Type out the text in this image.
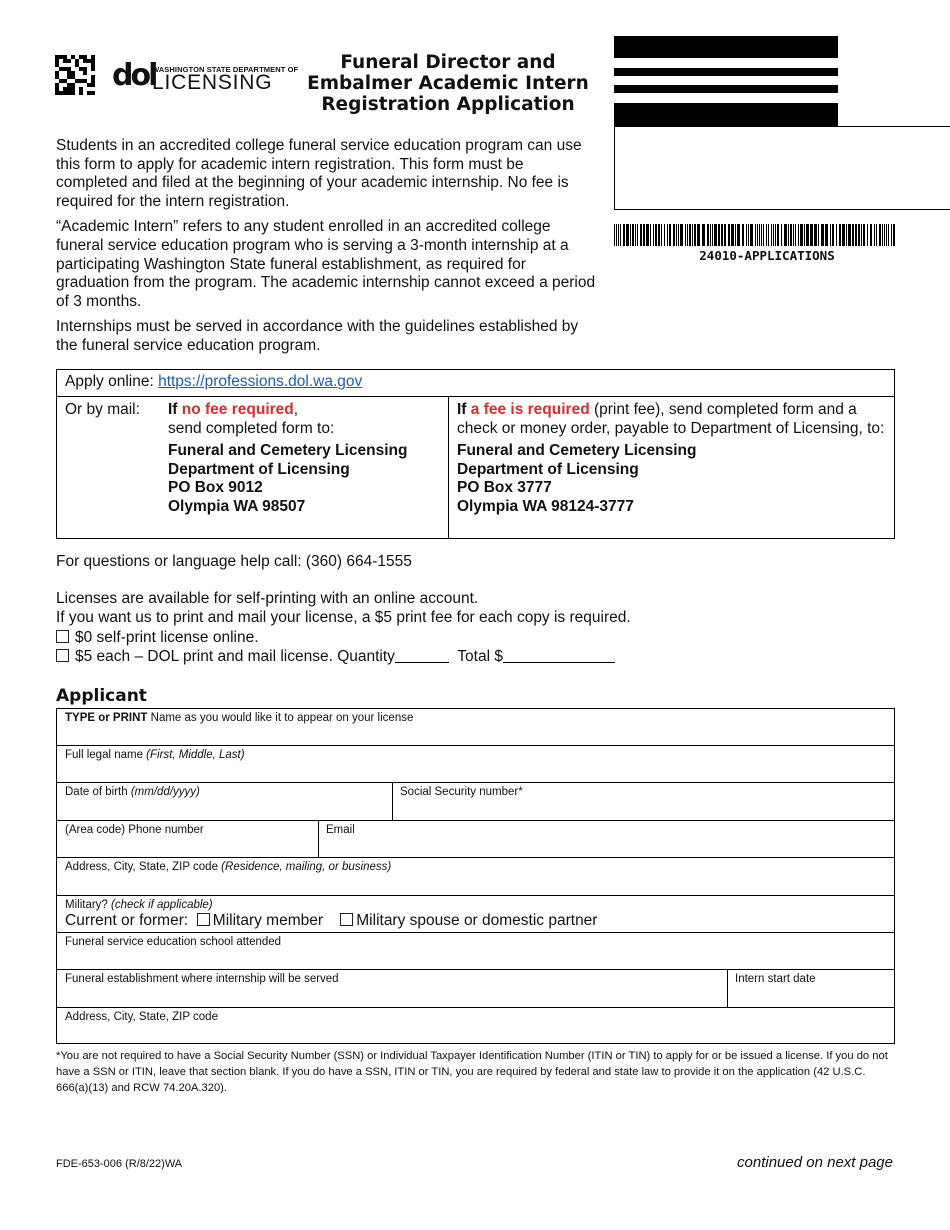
dol
WASHINGTON STATE DEPARTMENT OF
LICENSING
Funeral Director and
Embalmer Academic Intern
Registration Application
24010-APPLICATIONS

Students in an accredited college funeral service education program can use this form to apply for academic intern registration. This form must be completed and filed at the beginning of your academic internship. No fee is required for the intern registration.

“Academic Intern” refers to any student enrolled in an accredited college funeral service education program who is serving a 3-month internship at a participating Washington State funeral establishment, as required for graduation from the program. The academic internship cannot exceed a period of 3 months.

Internships must be served in accordance with the guidelines established by the funeral service education program.

Apply online: https://professions.dol.wa.gov
Or by mail: If no fee required,
send completed form to:
Funeral and Cemetery Licensing
Department of Licensing
PO Box 9012
Olympia WA 98507
If a fee is required (print fee), send completed form and a check or money order, payable to Department of Licensing, to:
Funeral and Cemetery Licensing
Department of Licensing
PO Box 3777
Olympia WA 98124-3777
For questions or language help call: (360) 664-1555
Licenses are available for self-printing with an online account.
If you want us to print and mail your license, a $5 print fee for each copy is required.
$0 self-print license online.
$5 each – DOL print and mail license. Quantity	Total $
Applicant
TYPE or PRINT Name as you would like it to appear on your license
Full legal name (First, Middle, Last)
Date of birth (mm/dd/yyyy)	Social Security number*
(Area code) Phone number	Email
Address, City, State, ZIP code (Residence, mailing, or business)
Military? (check if applicable)
Current or former: Military member Military spouse or domestic partner
Funeral service education school attended
Funeral establishment where internship will be served	Intern start date
Address, City, State, ZIP code
*You are not required to have a Social Security Number (SSN) or Individual Taxpayer Identification Number (ITIN or TIN) to apply for or be issued a license. If you do not have a SSN or ITIN, leave that section blank. If you do have a SSN, ITIN or TIN, you are required by federal and state law to provide it on the application (42 U.S.C. 666(a)(13) and RCW 74.20A.320).
FDE-653-006 (R/8/22)WA	continued on next page
